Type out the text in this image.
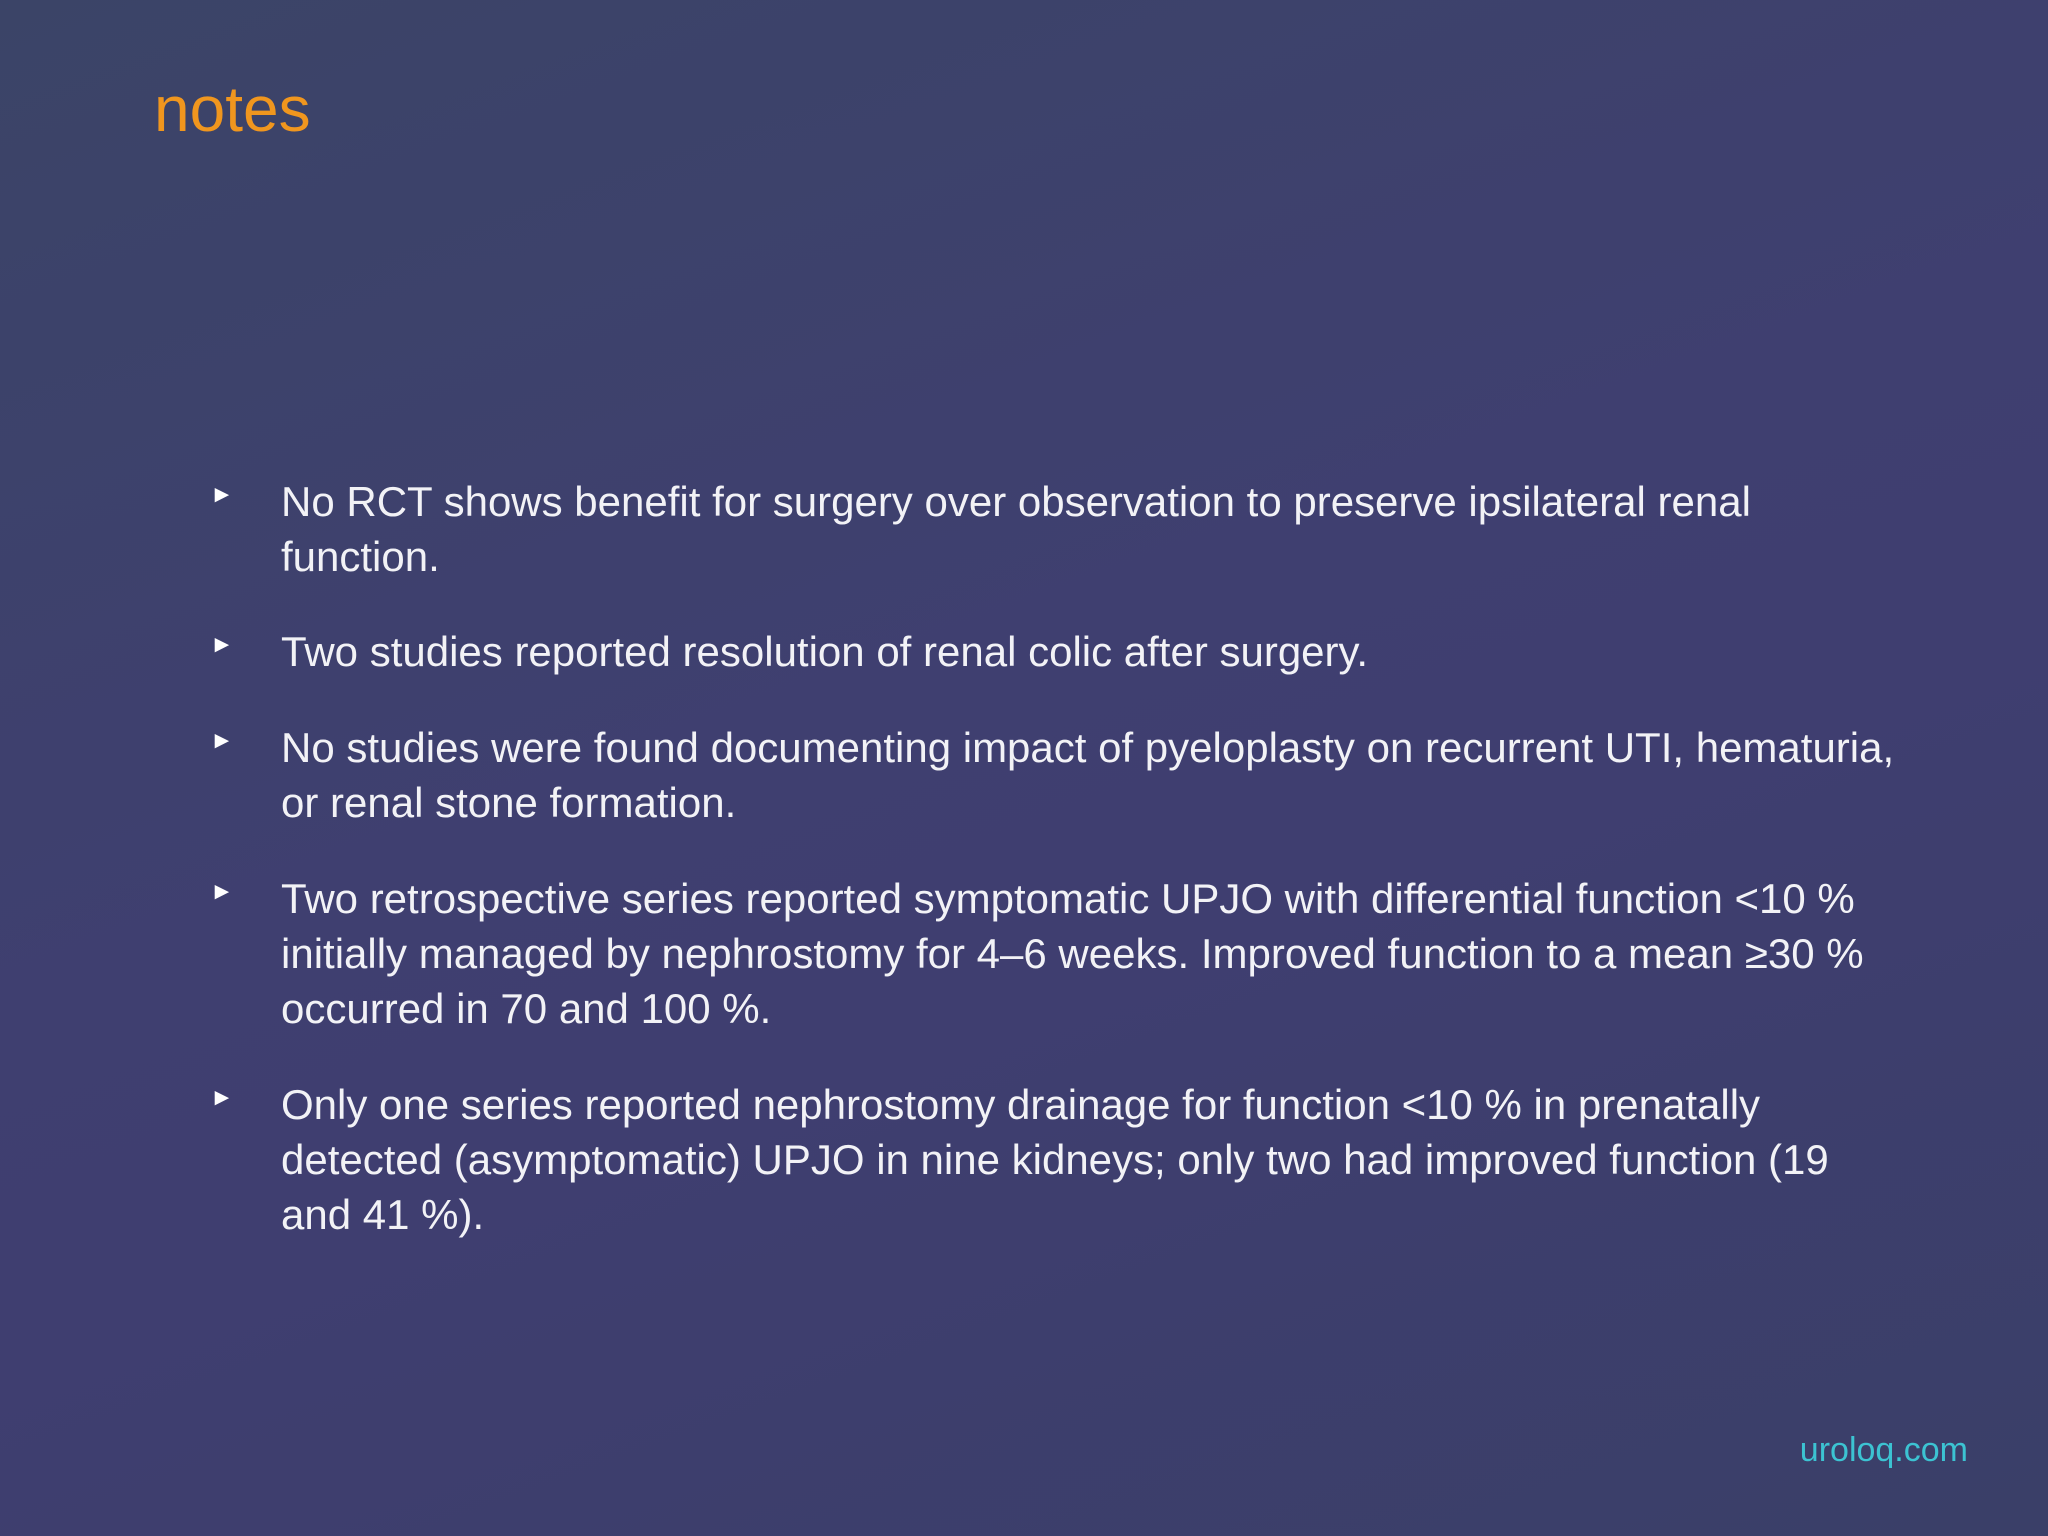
notes
► No RCT shows benefit for surgery over observation to preserve ipsilateral renal function.
► Two studies reported resolution of renal colic after surgery.
► No studies were found documenting impact of pyeloplasty on recurrent UTI, hematuria, or renal stone formation.
► Two retrospective series reported symptomatic UPJO with differential function <10 % initially managed by nephrostomy for 4–6 weeks. Improved function to a mean ≥30 % occurred in 70 and 100 %.
► Only one series reported nephrostomy drainage for function <10 % in prenatally detected (asymptomatic) UPJO in nine kidneys; only two had improved function (19 and 41 %).
uroloq.com
